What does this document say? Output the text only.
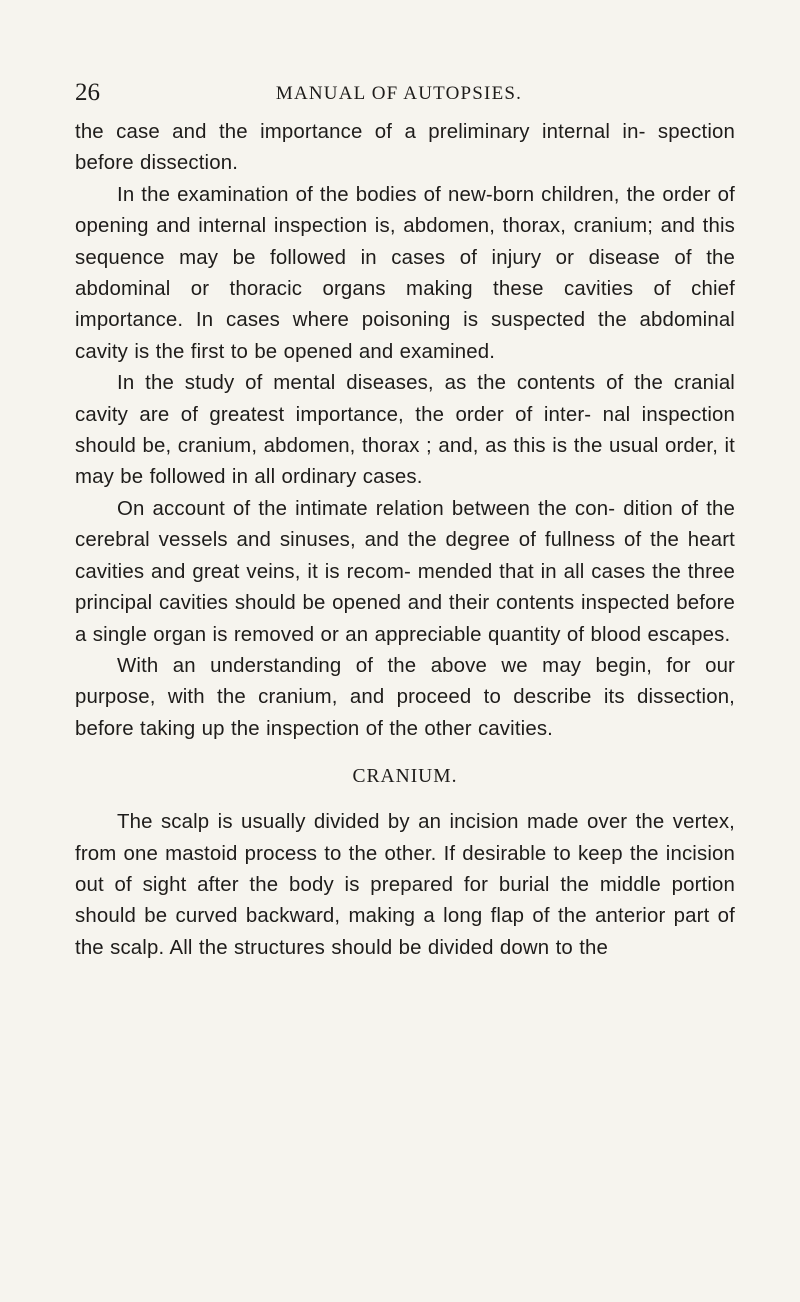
26	MANUAL OF AUTOPSIES.

the case and the importance of a preliminary internal in- spection before dissection.

In the examination of the bodies of new-born children, the order of opening and internal inspection is, abdomen, thorax, cranium; and this sequence may be followed in cases of injury or disease of the abdominal or thoracic organs making these cavities of chief importance. In cases where poisoning is suspected the abdominal cavity is the first to be opened and examined.

In the study of mental diseases, as the contents of the cranial cavity are of greatest importance, the order of inter- nal inspection should be, cranium, abdomen, thorax ; and, as this is the usual order, it may be followed in all ordinary cases.

On account of the intimate relation between the con- dition of the cerebral vessels and sinuses, and the degree of fullness of the heart cavities and great veins, it is recom- mended that in all cases the three principal cavities should be opened and their contents inspected before a single organ is removed or an appreciable quantity of blood escapes.

With an understanding of the above we may begin, for our purpose, with the cranium, and proceed to describe its dissection, before taking up the inspection of the other cavities.

CRANIUM.

The scalp is usually divided by an incision made over the vertex, from one mastoid process to the other. If desirable to keep the incision out of sight after the body is prepared for burial the middle portion should be curved backward, making a long flap of the anterior part of the scalp. All the structures should be divided down to the
